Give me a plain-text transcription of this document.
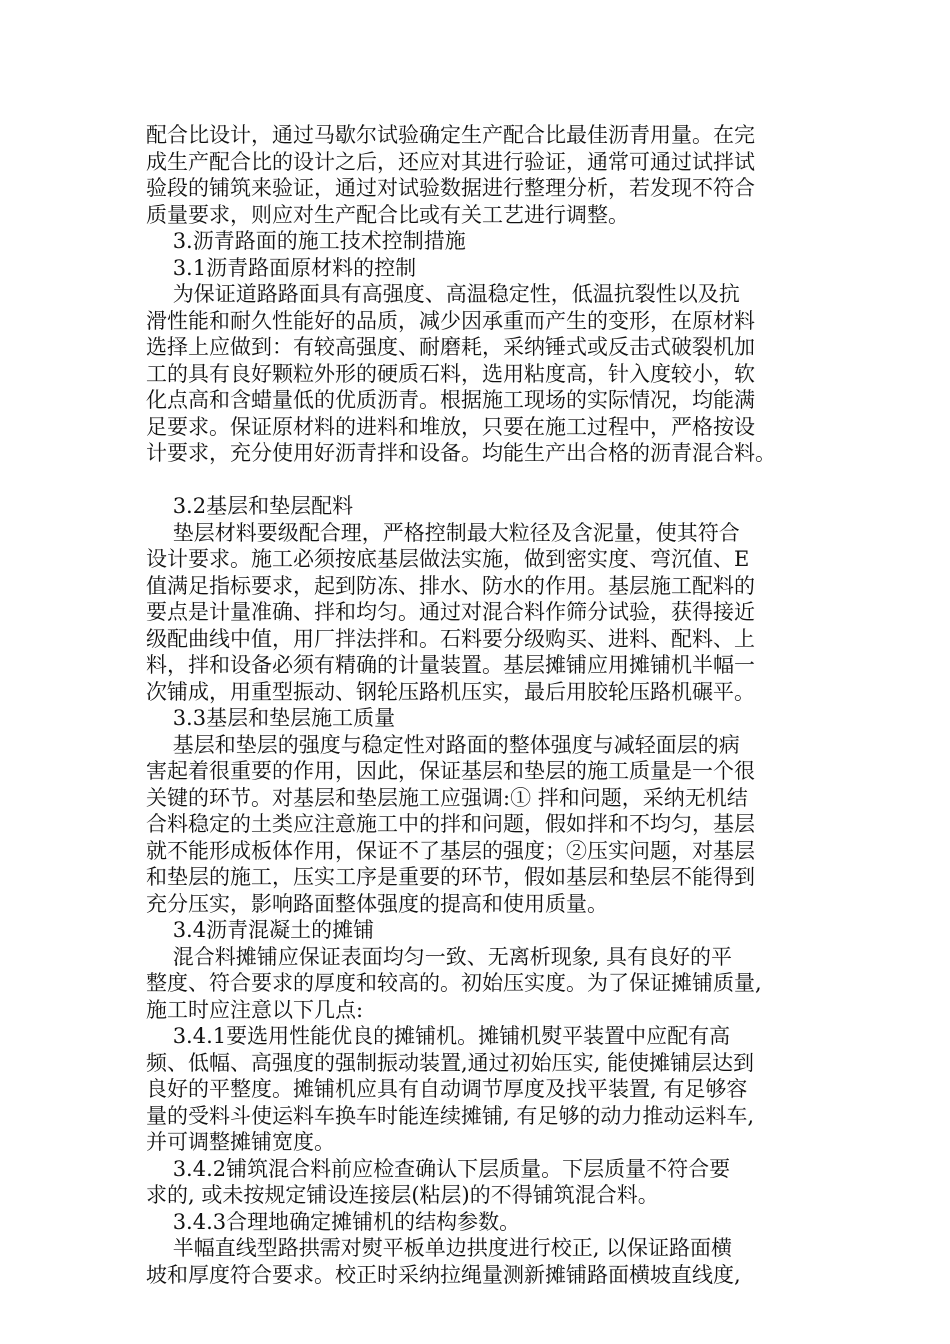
配合比设计，通过马歇尔试验确定生产配合比最佳沥青用量。在完
成生产配合比的设计之后，还应对其进行验证，通常可通过试拌试
验段的铺筑来验证，通过对试验数据进行整理分析，若发现不符合
质量要求，则应对生产配合比或有关工艺进行调整。
3.沥青路面的施工技术控制措施
3.1沥青路面原材料的控制
为保证道路路面具有高强度、高温稳定性，低温抗裂性以及抗
滑性能和耐久性能好的品质，减少因承重而产生的变形，在原材料
选择上应做到：有较高强度、耐磨耗，采纳锤式或反击式破裂机加
工的具有良好颗粒外形的硬质石料，选用粘度高，针入度较小，软
化点高和含蜡量低的优质沥青。根据施工现场的实际情况，均能满
足要求。保证原材料的进料和堆放，只要在施工过程中，严格按设
计要求，充分使用好沥青拌和设备。均能生产出合格的沥青混合料。
3.2基层和垫层配料
垫层材料要级配合理，严格控制最大粒径及含泥量，使其符合
设计要求。施工必须按底基层做法实施，做到密实度、弯沉值、E
值满足指标要求，起到防冻、排水、防水的作用。基层施工配料的
要点是计量准确、拌和均匀。通过对混合料作筛分试验，获得接近
级配曲线中值，用厂拌法拌和。石料要分级购买、进料、配料、上
料，拌和设备必须有精确的计量装置。基层摊铺应用摊铺机半幅一
次铺成，用重型振动、钢轮压路机压实，最后用胶轮压路机碾平。
3.3基层和垫层施工质量
基层和垫层的强度与稳定性对路面的整体强度与减轻面层的病
害起着很重要的作用，因此，保证基层和垫层的施工质量是一个很
关键的环节。对基层和垫层施工应强调:① 拌和问题，采纳无机结
合料稳定的土类应注意施工中的拌和问题，假如拌和不均匀，基层
就不能形成板体作用，保证不了基层的强度；②压实问题，对基层
和垫层的施工，压实工序是重要的环节，假如基层和垫层不能得到
充分压实，影响路面整体强度的提高和使用质量。
3.4沥青混凝土的摊铺
混合料摊铺应保证表面均匀一致、无离析现象, 具有良好的平
整度、符合要求的厚度和较高的。初始压实度。为了保证摊铺质量,
施工时应注意以下几点:
3.4.1要选用性能优良的摊铺机。摊铺机熨平装置中应配有高
频、低幅、高强度的强制振动装置,通过初始压实, 能使摊铺层达到
良好的平整度。摊铺机应具有自动调节厚度及找平装置, 有足够容
量的受料斗使运料车换车时能连续摊铺, 有足够的动力推动运料车,
并可调整摊铺宽度。
3.4.2铺筑混合料前应检查确认下层质量。下层质量不符合要
求的, 或未按规定铺设连接层(粘层)的不得铺筑混合料。
3.4.3合理地确定摊铺机的结构参数。
半幅直线型路拱需对熨平板单边拱度进行校正, 以保证路面横
坡和厚度符合要求。校正时采纳拉绳量测新摊铺路面横坡直线度,
